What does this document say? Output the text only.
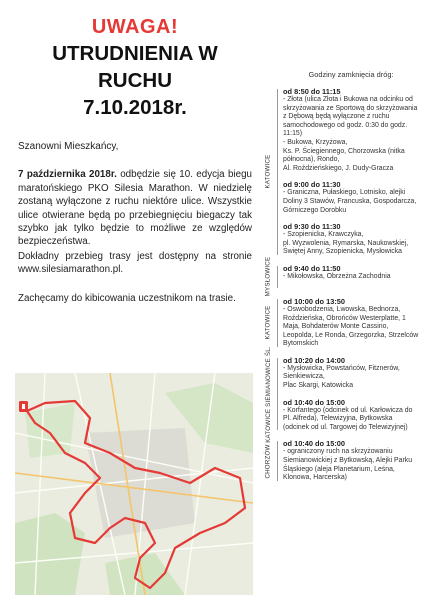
UWAGA!
UTRUDNIENIA W
RUCHU
7.10.2018r.

Szanowni Mieszkańcy,

7 października 2018r. odbędzie się 10. edycja biegu maratońskiego PKO Silesia Marathon. W niedzielę zostaną wyłączone z ruchu niektóre ulice. Wszystkie ulice otwierane będą po przebiegnięciu biegaczy tak szybko jak tylko będzie to możliwe ze względów bezpieczeństwa.

Dokładny przebieg trasy jest dostępny na stronie www.silesiamarathon.pl.

Zachęcamy do kibicowania uczestnikom na trasie.

Godziny zamknięcia dróg:
KATOWICE
od 8:50 do 11:15
- Złota (ulica Złota i Bukowa na odcinku od skrzyżowania ze Sportową do skrzyżowania z Dębową będą wyłączone z ruchu samochodowego od godz. 0:30 do godz. 11:15)
- Bukowa, Krzyżowa,
Ks. P. Ściegiennego, Chorzowska (nitka północna), Rondo,
Al. Roździeńskiego, J. Dudy-Gracza
od 9:00 do 11:30
- Graniczna, Pułaskiego, Lotnisko, alejki Doliny 3 Stawów, Francuska, Gospodarcza, Górniczego Dorobku
od 9:30 do 11:30
- Szopienicka, Krawczyka,
pl. Wyzwolenia, Rymarska, Naukowskiej, Świętej Anny, Szopienicka, Mysłowicka
MYSŁOWICE od 9:40 do 11:50
- Mikołowska, Obrzeżna Zachodnia
KATOWICE
od 10:00 do 13:50
- Oswobodzenia, Lwowska, Bednorza, Roździeńska, Obrońców Westerplatte, 1 Maja, Bohdaterów Monte Cassino, Leopolda, Le Ronda, Grzegorzka, Strzelców Bytomskich
KATOWICE SIEMIANOWICE ŚL. od 10:20 do 14:00
- Mysłowicka, Powstańców, Fitznerów, Sienkiewicza,
Plac Skargi, Katowicka
od 10:40 do 15:00
- Korfantego (odcinek od ul. Karłowicza do Pl. Alfreda), Telewizyjna, Bytkowska (odcinek od ul. Targowej do Telewizyjnej)
CHORZÓW
od 10:40 do 15:00
- ograniczony ruch na skrzyżowaniu Siemianowickiej z Bytkowską, Alejki Parku Śląskiego (aleja Planetarium, Leśna, Klonowa, Harcerska)
